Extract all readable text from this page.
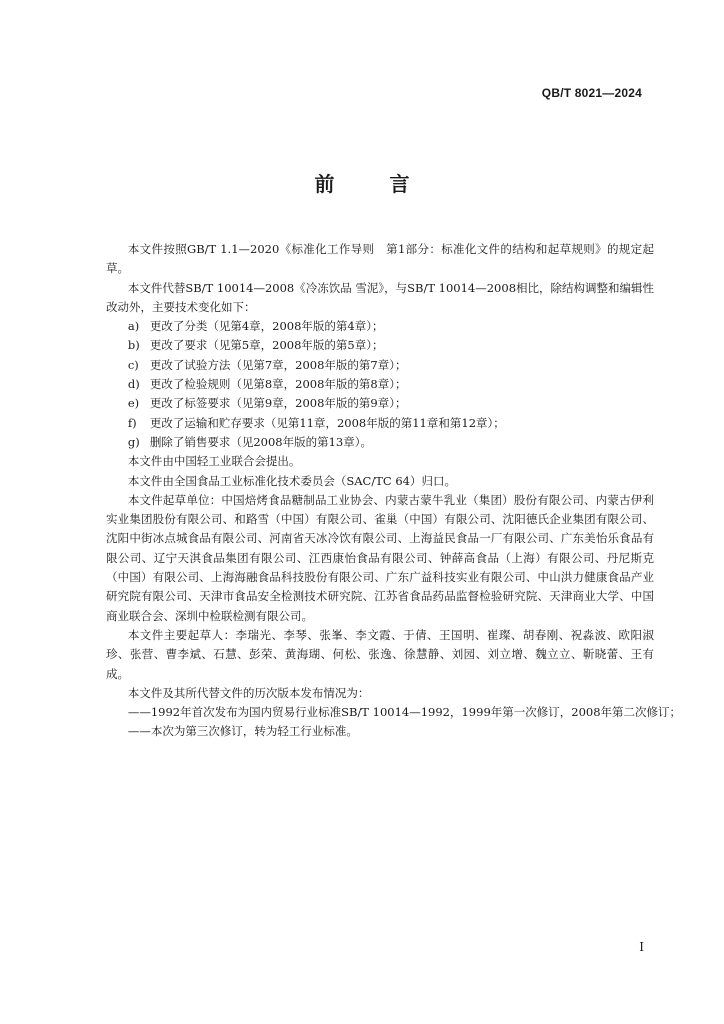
QB/T 8021—2024
前 言

本文件按照GB/T 1.1—2020《标准化工作导则　第1部分：标准化文件的结构和起草规则》的规定起草。

本文件代替SB/T 10014—2008《冷冻饮品 雪泥》，与SB/T 10014—2008相比，除结构调整和编辑性改动外，主要技术变化如下：

a) 更改了分类（见第4章，2008年版的第4章）；

b) 更改了要求（见第5章，2008年版的第5章）；

c) 更改了试验方法（见第7章，2008年版的第7章）；

d) 更改了检验规则（见第8章，2008年版的第8章）；

e) 更改了标签要求（见第9章，2008年版的第9章）；

f) 更改了运输和贮存要求（见第11章，2008年版的第11章和第12章）；

g) 删除了销售要求（见2008年版的第13章）。

本文件由中国轻工业联合会提出。

本文件由全国食品工业标准化技术委员会（SAC/TC 64）归口。

本文件起草单位：中国焙烤食品糖制品工业协会、内蒙古蒙牛乳业（集团）股份有限公司、内蒙古伊利实业集团股份有限公司、和路雪（中国）有限公司、雀巢（中国）有限公司、沈阳德氏企业集团有限公司、沈阳中街冰点城食品有限公司、河南省天冰冷饮有限公司、上海益民食品一厂有限公司、广东美怡乐食品有限公司、辽宁天淇食品集团有限公司、江西康怡食品有限公司、钟薛高食品（上海）有限公司、丹尼斯克（中国）有限公司、上海海融食品科技股份有限公司、广东广益科技实业有限公司、中山洪力健康食品产业研究院有限公司、天津市食品安全检测技术研究院、江苏省食品药品监督检验研究院、天津商业大学、中国商业联合会、深圳中检联检测有限公司。

本文件主要起草人：李瑞光、李琴、张峯、李文霞、于倩、王国明、崔璨、胡春刚、祝淼波、欧阳淑珍、张营、曹李斌、石慧、彭荣、黄海瑚、何松、张逸、徐慧静、刘园、刘立增、魏立立、靳晓蕾、王有成。

本文件及其所代替文件的历次版本发布情况为：

——1992年首次发布为国内贸易行业标准SB/T 10014—1992，1999年第一次修订，2008年第二次修订；

——本次为第三次修订，转为轻工行业标准。

I
